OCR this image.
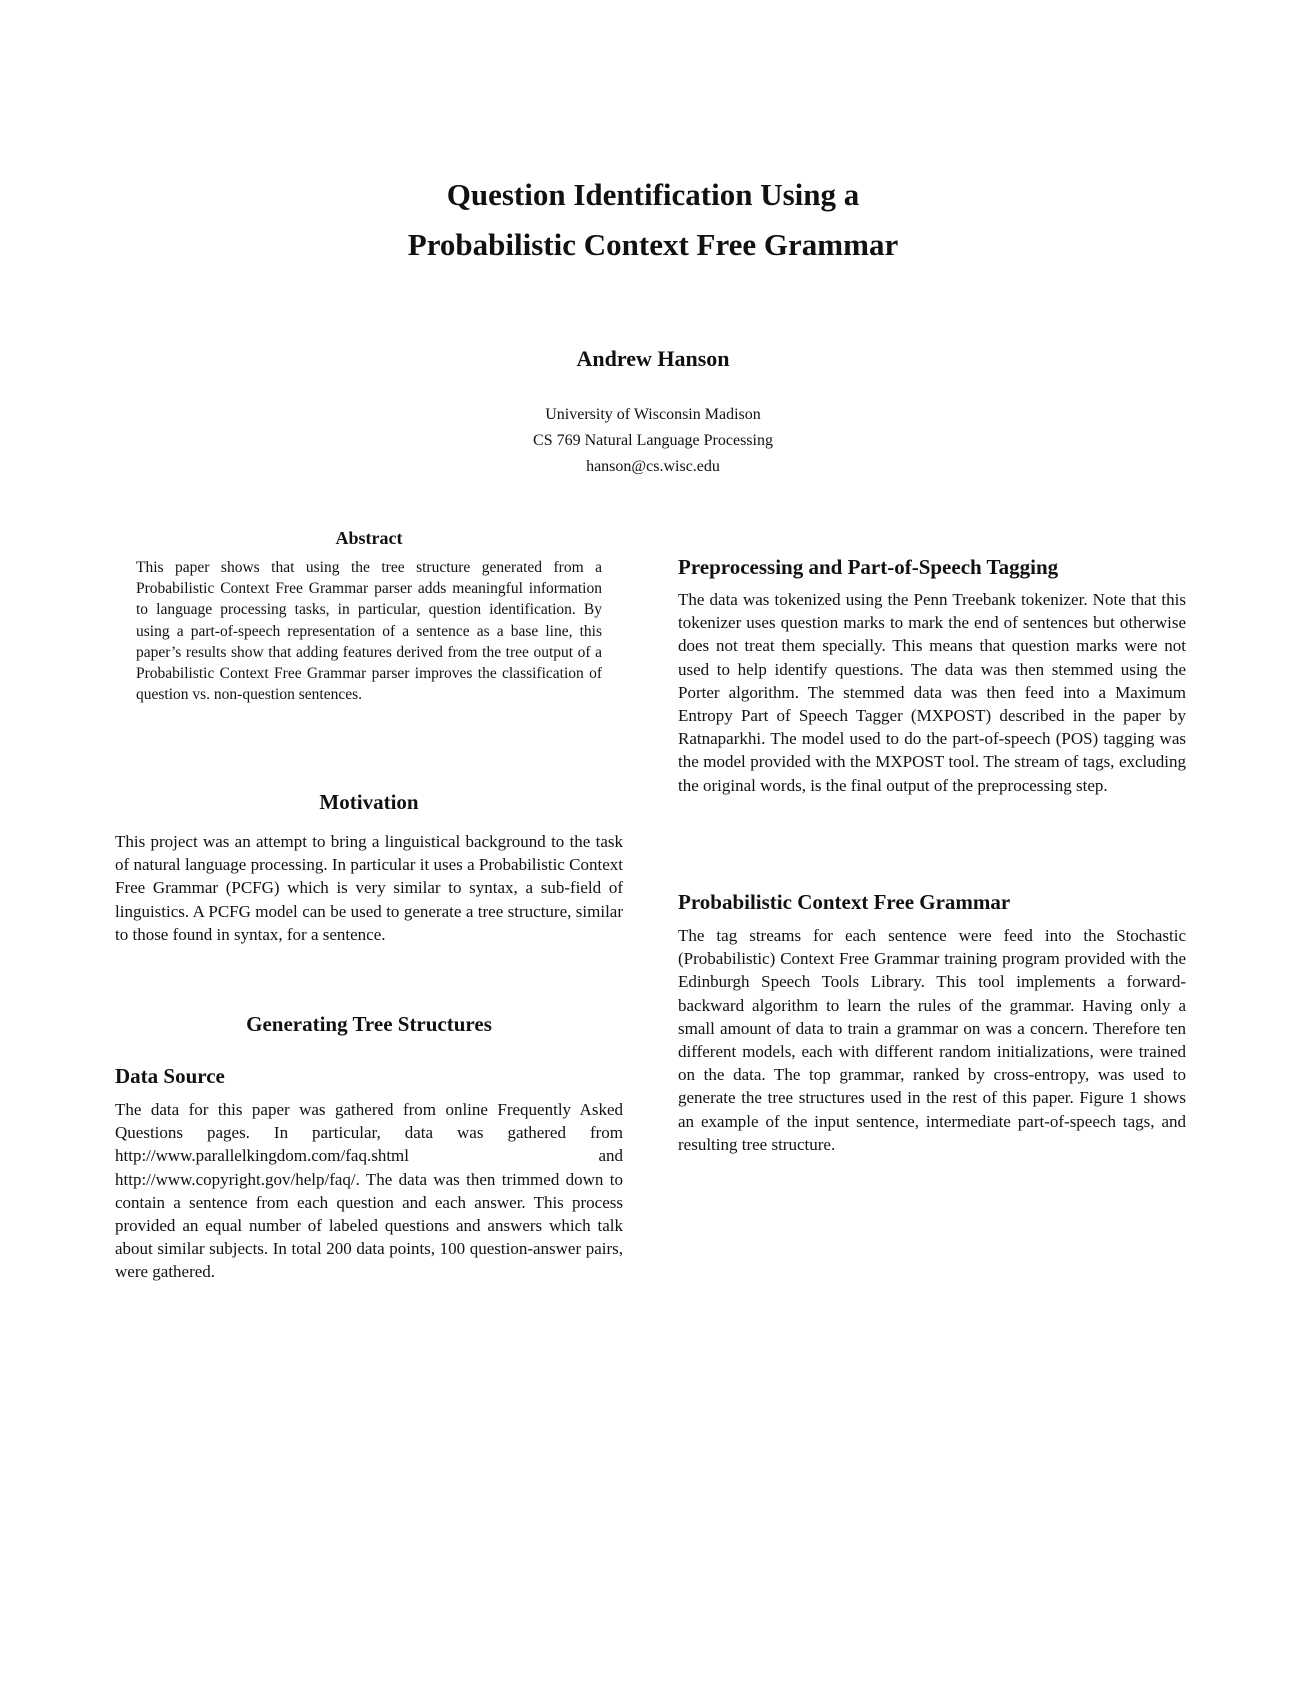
Question Identification Using a
Probabilistic Context Free Grammar
Andrew Hanson
University of Wisconsin Madison
CS 769 Natural Language Processing
hanson@cs.wisc.edu
Abstract

This paper shows that using the tree structure generated from a Probabilistic Context Free Grammar parser adds meaningful information to language processing tasks, in particular, question identification. By using a part-of-speech representation of a sentence as a base line, this paper’s results show that adding features derived from the tree output of a Probabilistic Context Free Grammar parser improves the classification of question vs. non-question sentences.

Motivation

This project was an attempt to bring a linguistical background to the task of natural language processing. In particular it uses a Probabilistic Context Free Grammar (PCFG) which is very similar to syntax, a sub-field of linguistics. A PCFG model can be used to generate a tree structure, similar to those found in syntax, for a sentence.

Generating Tree Structures
Data Source

The data for this paper was gathered from online Frequently Asked Questions pages. In particular, data was gathered from http://www.parallelkingdom.com/faq.shtml and http://www.copyright.gov/help/faq/. The data was then trimmed down to contain a sentence from each question and each answer. This process provided an equal number of labeled questions and answers which talk about similar subjects. In total 200 data points, 100 question-answer pairs, were gathered.

Preprocessing and Part-of-Speech Tagging

The data was tokenized using the Penn Treebank tokenizer. Note that this tokenizer uses question marks to mark the end of sentences but otherwise does not treat them specially. This means that question marks were not used to help identify questions. The data was then stemmed using the Porter algorithm. The stemmed data was then feed into a Maximum Entropy Part of Speech Tagger (MXPOST) described in the paper by Ratnaparkhi. The model used to do the part-of-speech (POS) tagging was the model provided with the MXPOST tool. The stream of tags, excluding the original words, is the final output of the preprocessing step.

Probabilistic Context Free Grammar

The tag streams for each sentence were feed into the Stochastic (Probabilistic) Context Free Grammar training program provided with the Edinburgh Speech Tools Library. This tool implements a forward-backward algorithm to learn the rules of the grammar. Having only a small amount of data to train a grammar on was a concern. Therefore ten different models, each with different random initializations, were trained on the data. The top grammar, ranked by cross-entropy, was used to generate the tree structures used in the rest of this paper. Figure 1 shows an example of the input sentence, intermediate part-of-speech tags, and resulting tree structure.
